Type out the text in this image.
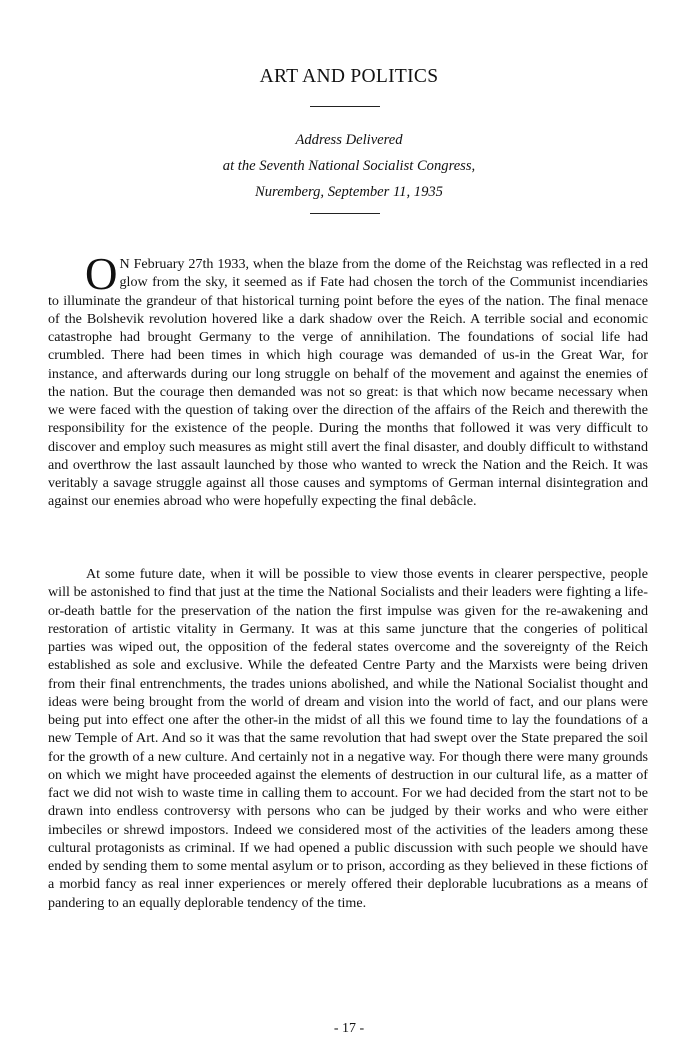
ART AND POLITICS
Address Delivered
at the Seventh National Socialist Congress,
Nuremberg, September 11, 1935

O N February 27th 1933, when the blaze from the dome of the Reichstag was reflected in a red glow from the sky, it seemed as if Fate had chosen the torch of the Communist incendiaries to illuminate the grandeur of that historical turning point before the eyes of the nation. The final menace of the Bolshevik revolution hovered like a dark shadow over the Reich. A terrible social and economic catastrophe had brought Germany to the verge of annihilation. The foundations of social life had crumbled. There had been times in which high courage was demanded of us-in the Great War, for instance, and afterwards during our long struggle on behalf of the movement and against the enemies of the nation. But the courage then demanded was not so great: is that which now became necessary when we were faced with the question of taking over the direction of the affairs of the Reich and therewith the responsibility for the existence of the people. During the months that followed it was very difficult to discover and employ such measures as might still avert the final disaster, and doubly difficult to withstand and overthrow the last assault launched by those who wanted to wreck the Nation and the Reich. It was veritably a savage struggle against all those causes and symptoms of German internal disintegration and against our enemies abroad who were hopefully expecting the final debâcle.

At some future date, when it will be possible to view those events in clearer perspective, people will be astonished to find that just at the time the National Socialists and their leaders were fighting a life-or-death battle for the preservation of the nation the first impulse was given for the re-awakening and restoration of artistic vitality in Germany. It was at this same juncture that the congeries of political parties was wiped out, the opposition of the federal states overcome and the sovereignty of the Reich established as sole and exclusive. While the defeated Centre Party and the Marxists were being driven from their final entrenchments, the trades unions abolished, and while the National Socialist thought and ideas were being brought from the world of dream and vision into the world of fact, and our plans were being put into effect one after the other-in the midst of all this we found time to lay the foundations of a new Temple of Art. And so it was that the same revolution that had swept over the State prepared the soil for the growth of a new culture. And certainly not in a negative way. For though there were many grounds on which we might have proceeded against the elements of destruction in our cultural life, as a matter of fact we did not wish to waste time in calling them to account. For we had decided from the start not to be drawn into endless controversy with persons who can be judged by their works and who were either imbeciles or shrewd impostors. Indeed we considered most of the activities of the leaders among these cultural protagonists as criminal. If we had opened a public discussion with such people we should have ended by sending them to some mental asylum or to prison, according as they believed in these fictions of a morbid fancy as real inner experiences or merely offered their deplorable lucubrations as a means of pandering to an equally deplorable tendency of the time.

- 17 -
